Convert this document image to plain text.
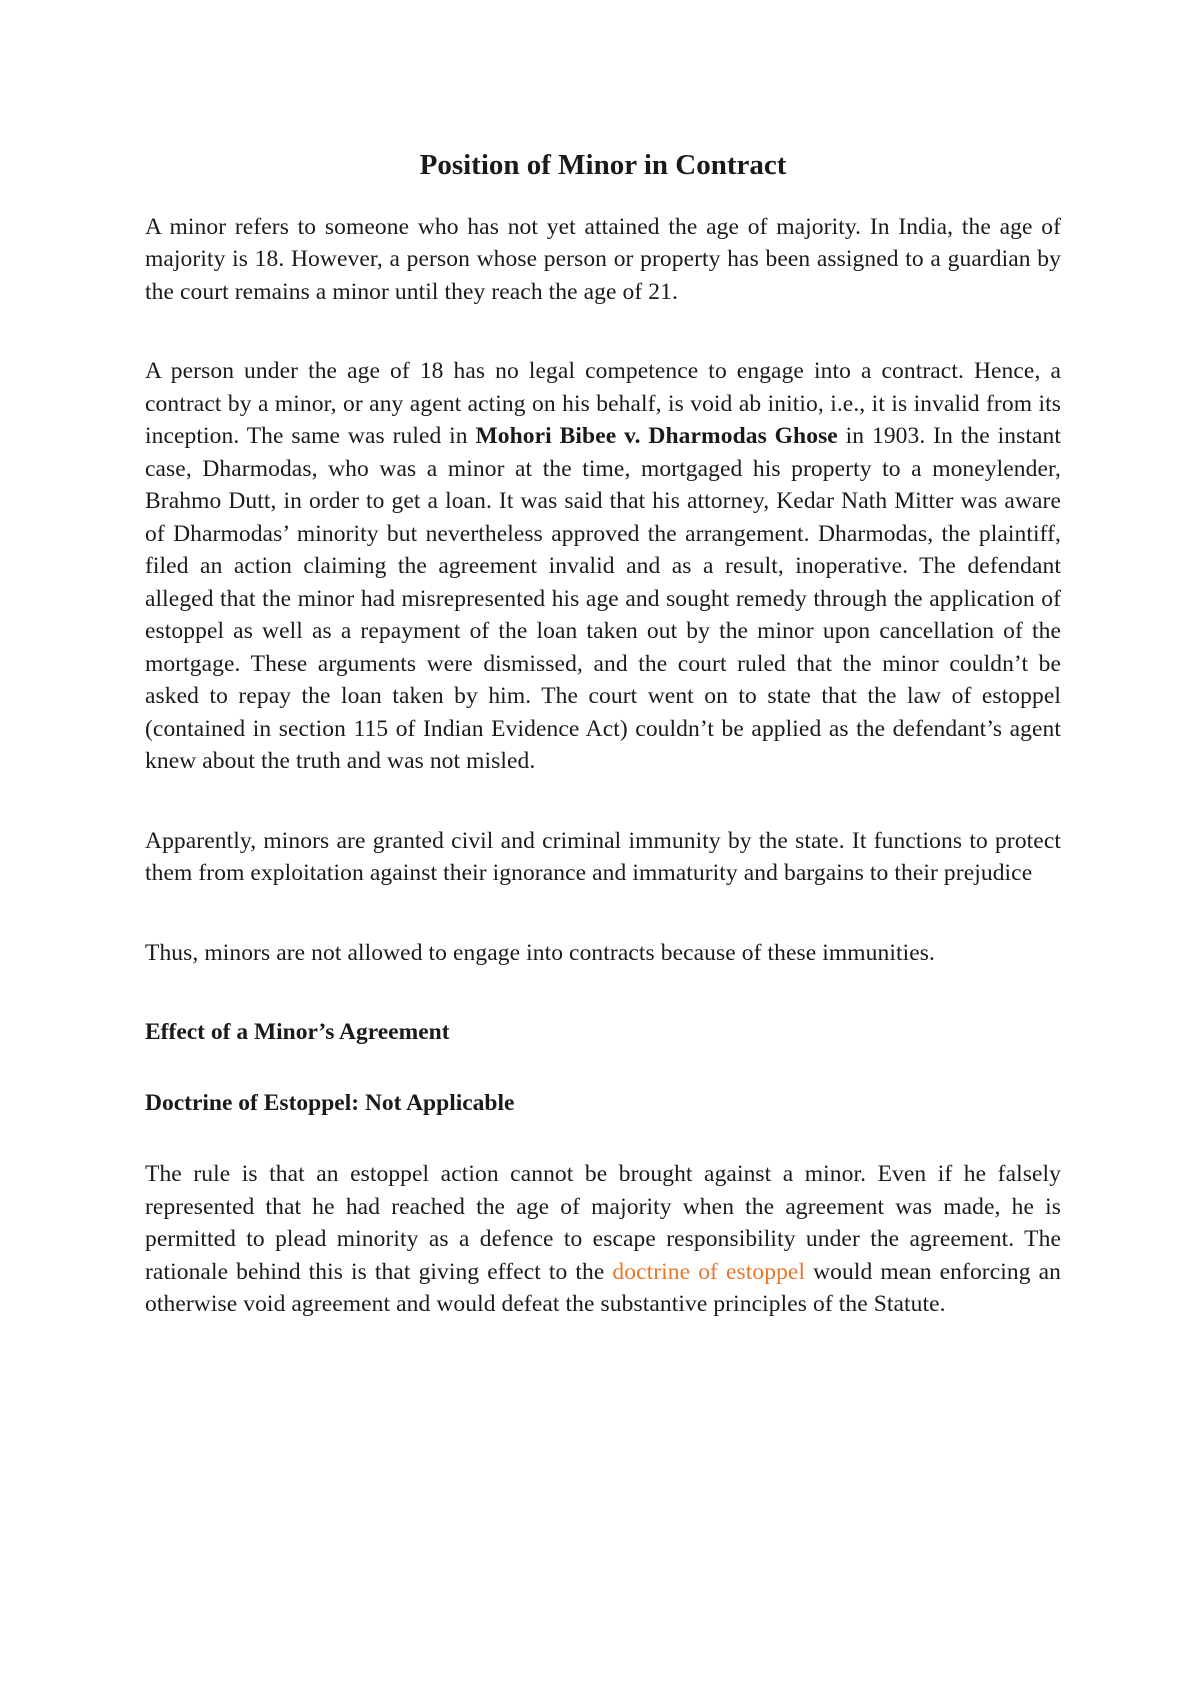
Position of Minor in Contract

A minor refers to someone who has not yet attained the age of majority. In India, the age of majority is 18. However, a person whose person or property has been assigned to a guardian by the court remains a minor until they reach the age of 21.

A person under the age of 18 has no legal competence to engage into a contract. Hence, a contract by a minor, or any agent acting on his behalf, is void ab initio, i.e., it is invalid from its inception. The same was ruled in Mohori Bibee v. Dharmodas Ghose in 1903. In the instant case, Dharmodas, who was a minor at the time, mortgaged his property to a moneylender, Brahmo Dutt, in order to get a loan. It was said that his attorney, Kedar Nath Mitter was aware of Dharmodas’ minority but nevertheless approved the arrangement. Dharmodas, the plaintiff, filed an action claiming the agreement invalid and as a result, inoperative. The defendant alleged that the minor had misrepresented his age and sought remedy through the application of estoppel as well as a repayment of the loan taken out by the minor upon cancellation of the mortgage. These arguments were dismissed, and the court ruled that the minor couldn’t be asked to repay the loan taken by him. The court went on to state that the law of estoppel (contained in section 115 of Indian Evidence Act) couldn’t be applied as the defendant’s agent knew about the truth and was not misled.

Apparently, minors are granted civil and criminal immunity by the state. It functions to protect them from exploitation against their ignorance and immaturity and bargains to their prejudice

Thus, minors are not allowed to engage into contracts because of these immunities.

Effect of a Minor’s Agreement
Doctrine of Estoppel: Not Applicable

The rule is that an estoppel action cannot be brought against a minor. Even if he falsely represented that he had reached the age of majority when the agreement was made, he is permitted to plead minority as a defence to escape responsibility under the agreement. The rationale behind this is that giving effect to the doctrine of estoppel would mean enforcing an otherwise void agreement and would defeat the substantive principles of the Statute.
